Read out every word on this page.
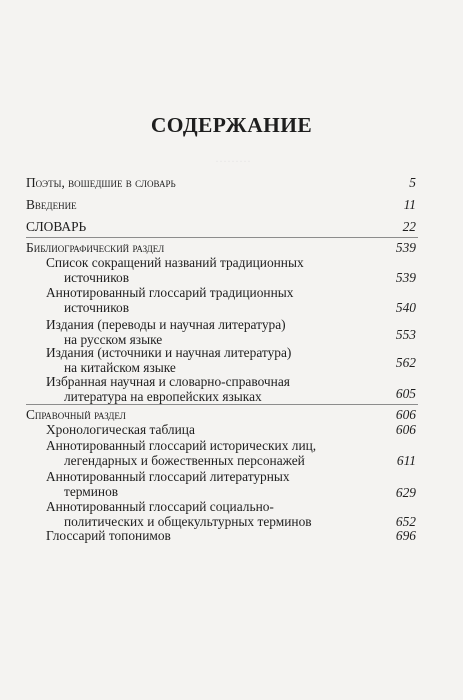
СОДЕРЖАНИЕ
·········
Поэты, вошедшие в словарь	5
Введение	11
СЛОВАРЬ	22
Библиографический раздел	539
Список сокращений названий традиционных
источников	539
Аннотированный глоссарий традиционных
источников	540
Издания (переводы и научная литература)
на русском языке	553
Издания (источники и научная литература)
на китайском языке	562
Избранная научная и словарно-справочная
литература на европейских языках	605
Справочный раздел	606
Хронологическая таблица	606
Аннотированный глоссарий исторических лиц,
легендарных и божественных персонажей	611
Аннотированный глоссарий литературных
терминов	629
Аннотированный глоссарий социально-
политических и общекультурных терминов	652
Глоссарий топонимов	696
